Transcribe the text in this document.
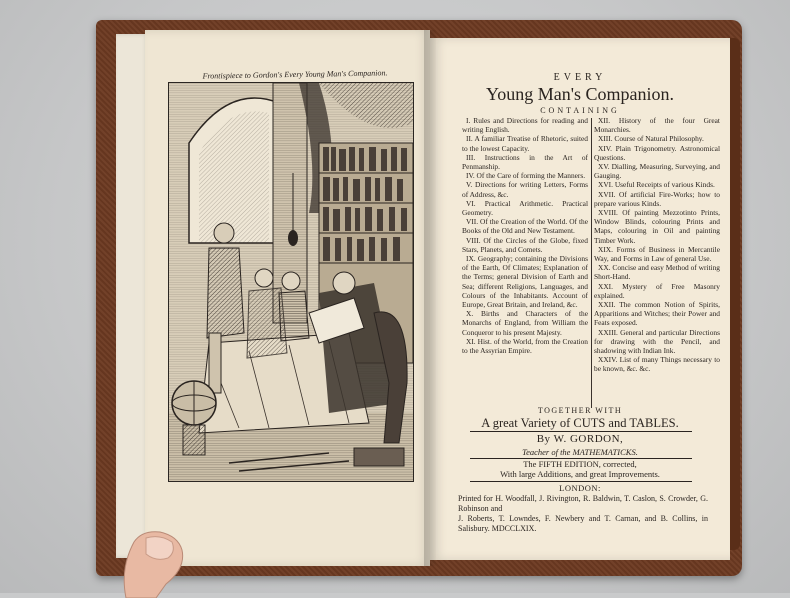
Frontispiece to Gordon's Every Young Man's Companion.	EVERY
Young Man's Companion.
CONTAINING

I. Rules and Directions for reading and writing English.

II. A familiar Treatise of Rhetoric, suited to the lowest Capacity.

III. Instructions in the Art of Penmanship.

IV. Of the Care of forming the Manners.

V. Directions for writing Letters, Forms of Address, &c.

VI. Practical Arithmetic. Practical Geometry.

VII. Of the Creation of the World. Of the Books of the Old and New Testament.

VIII. Of the Circles of the Globe, fixed Stars, Planets, and Comets.

IX. Geography; containing the Divisions of the Earth, Of Climates; Explanation of the Terms; general Division of Earth and Sea; different Religions, Languages, and Colours of the Inhabitants. Account of Europe, Great Britain, and Ireland, &c.

X. Births and Characters of the Monarchs of England, from William the Conqueror to his present Majesty.

XI. Hist. of the World, from the Creation to the Assyrian Empire.

XII. History of the four Great Monarchies.

XIII. Course of Natural Philosophy.

XIV. Plain Trigonometry. Astronomical Questions.

XV. Dialling, Measuring, Surveying, and Gauging.

XVI. Useful Receipts of various Kinds.

XVII. Of artificial Fire-Works; how to prepare various Kinds.

XVIII. Of painting Mezzotinto Prints, Window Blinds, colouring Prints and Maps, colouring in Oil and painting Timber Work.

XIX. Forms of Business in Mercantile Way, and Forms in Law of general Use.

XX. Concise and easy Method of writing Short-Hand.

XXI. Mystery of Free Masonry explained.

XXII. The common Notion of Spirits, Apparitions and Witches; their Power and Feats exposed.

XXIII. General and particular Directions for drawing with the Pencil, and shadowing with Indian Ink.

XXIV. List of many Things necessary to be known, &c. &c.

TOGETHER WITH
A great Variety of CUTS and TABLES.
By W. GORDON,
Teacher of the MATHEMATICKS.
The FIFTH EDITION, corrected,
With large Additions, and great Improvements.
LONDON:
Printed for H. Woodfall, J. Rivington, R. Baldwin, T. Caslon, S. Crowder, G. Robinson and
J. Roberts, T. Lowndes, F. Newbery and T. Carnan, and B. Collins, in Salisbury. MDCCLXIX.
